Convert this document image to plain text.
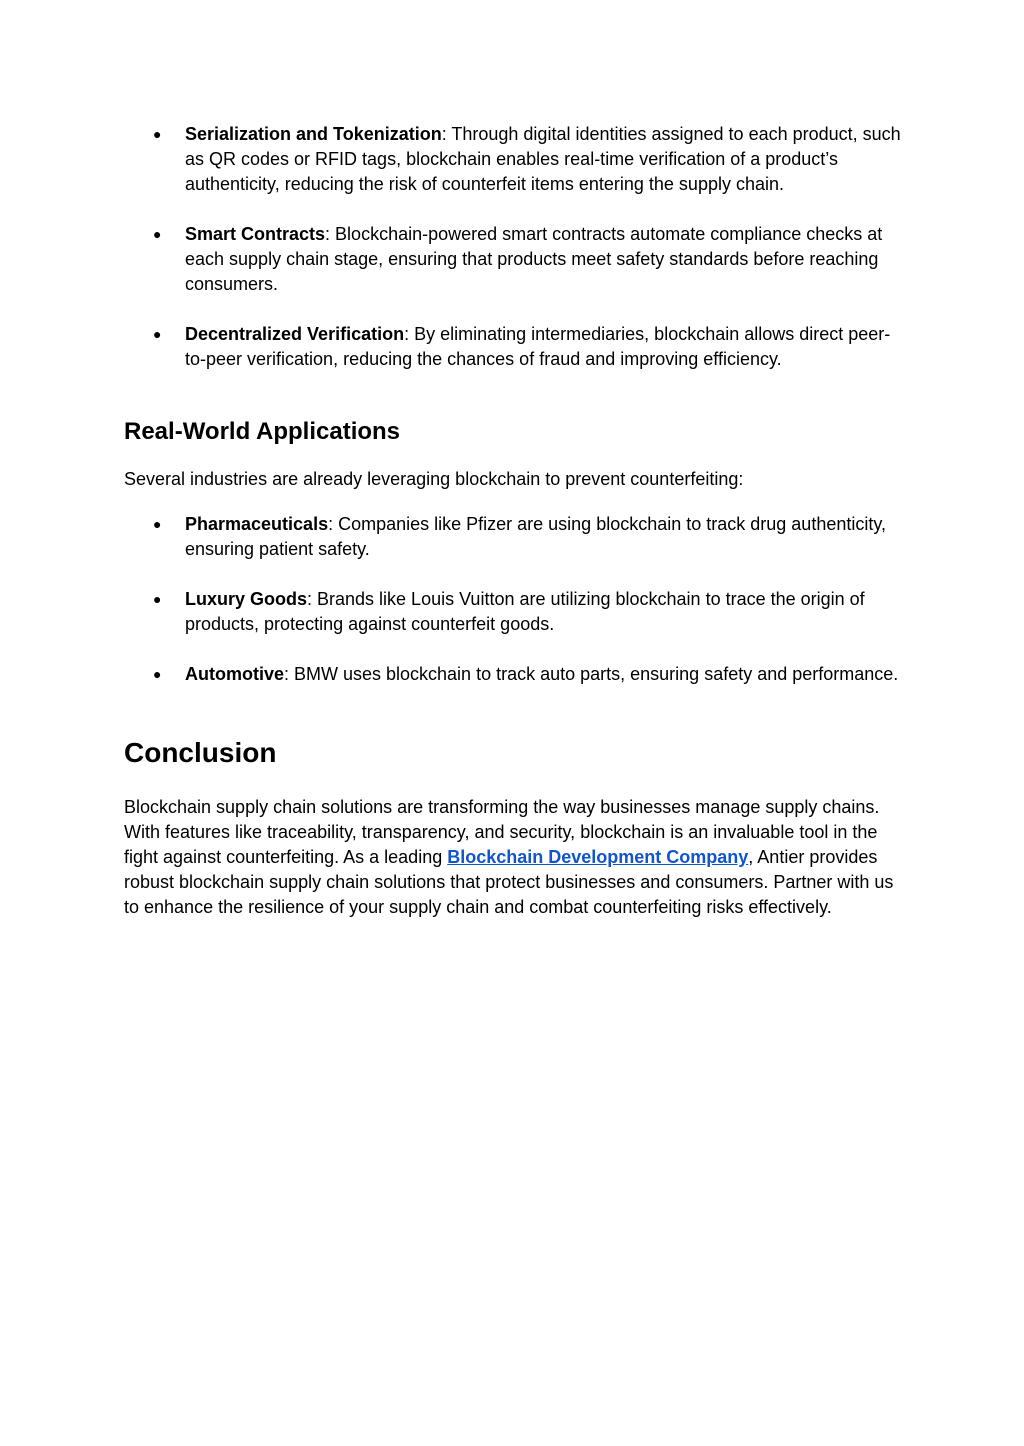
● Serialization and Tokenization: Through digital identities assigned to each product, such as QR codes or RFID tags, blockchain enables real-time verification of a product’s authenticity, reducing the risk of counterfeit items entering the supply chain.
● Smart Contracts: Blockchain-powered smart contracts automate compliance checks at each supply chain stage, ensuring that products meet safety standards before reaching consumers.
● Decentralized Verification: By eliminating intermediaries, blockchain allows direct peer-to-peer verification, reducing the chances of fraud and improving efficiency.
Real-World Applications

Several industries are already leveraging blockchain to prevent counterfeiting:

● Pharmaceuticals: Companies like Pfizer are using blockchain to track drug authenticity, ensuring patient safety.
● Luxury Goods: Brands like Louis Vuitton are utilizing blockchain to trace the origin of products, protecting against counterfeit goods.
● Automotive: BMW uses blockchain to track auto parts, ensuring safety and performance.
Conclusion

Blockchain supply chain solutions are transforming the way businesses manage supply chains. With features like traceability, transparency, and security, blockchain is an invaluable tool in the fight against counterfeiting. As a leading Blockchain Development Company, Antier provides robust blockchain supply chain solutions that protect businesses and consumers. Partner with us to enhance the resilience of your supply chain and combat counterfeiting risks effectively.
